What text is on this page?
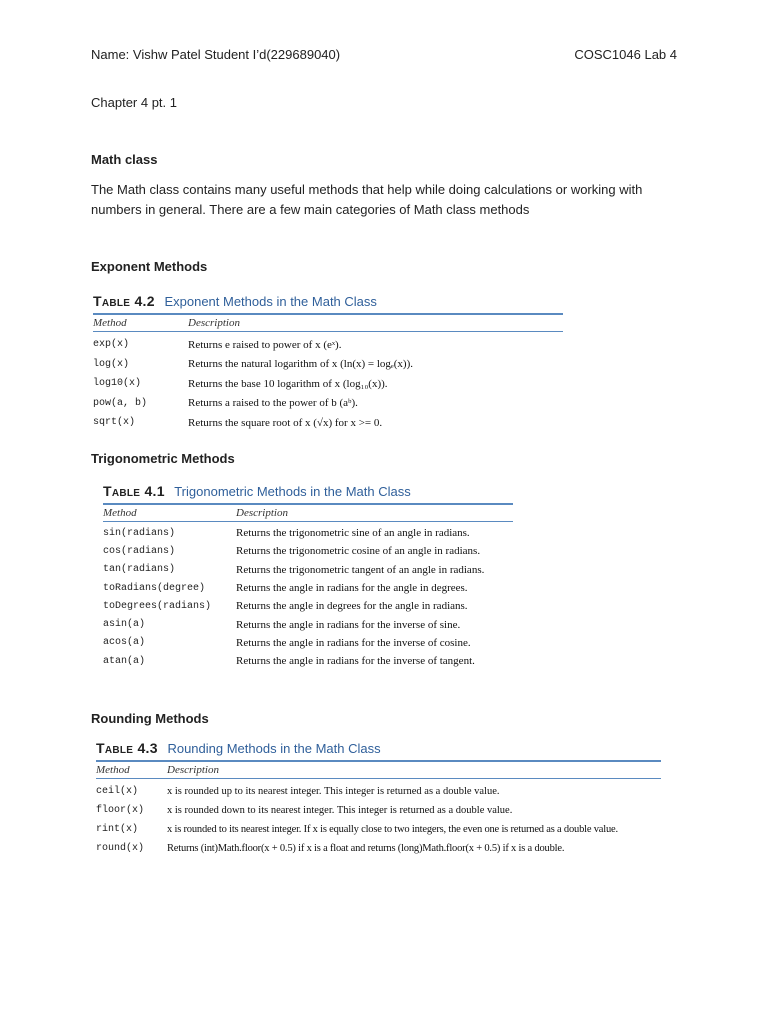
Name: Vishw Patel Student I’d(229689040)	COSC1046 Lab 4
Chapter 4 pt. 1
Math class
The Math class contains many useful methods that help while doing calculations or working with
numbers in general. There are a few main categories of Math class methods
Exponent Methods
Table 4.2 Exponent Methods in the Math Class
Method	Description
exp(x)	Returns e raised to power of x (eˣ).
log(x)	Returns the natural logarithm of x (ln(x) = logₑ(x)).
log10(x)	Returns the base 10 logarithm of x (log₁₀(x)).
pow(a, b)	Returns a raised to the power of b (aᵇ).
sqrt(x)	Returns the square root of x (√x) for x >= 0.
Trigonometric Methods
Table 4.1 Trigonometric Methods in the Math Class
Method	Description
sin(radians)	Returns the trigonometric sine of an angle in radians.
cos(radians)	Returns the trigonometric cosine of an angle in radians.
tan(radians)	Returns the trigonometric tangent of an angle in radians.
toRadians(degree)	Returns the angle in radians for the angle in degrees.
toDegrees(radians)	Returns the angle in degrees for the angle in radians.
asin(a)	Returns the angle in radians for the inverse of sine.
acos(a)	Returns the angle in radians for the inverse of cosine.
atan(a)	Returns the angle in radians for the inverse of tangent.
Rounding Methods
Table 4.3 Rounding Methods in the Math Class
Method	Description
ceil(x)	x is rounded up to its nearest integer. This integer is returned as a double value.
floor(x)	x is rounded down to its nearest integer. This integer is returned as a double value.
rint(x)	x is rounded to its nearest integer. If x is equally close to two integers, the even one is returned as a double value.
round(x)	Returns (int)Math.floor(x + 0.5) if x is a float and returns (long)Math.floor(x + 0.5) if x is a double.
